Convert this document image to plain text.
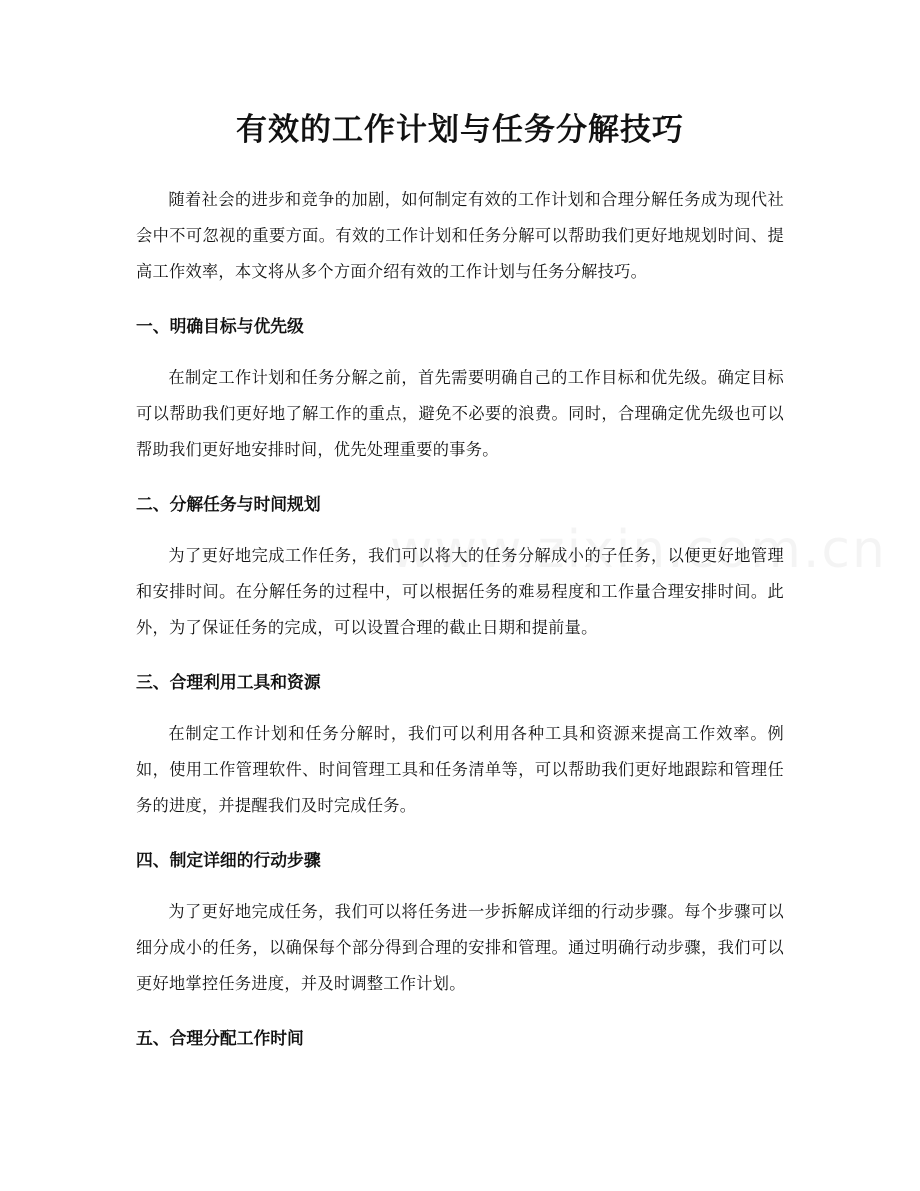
有效的工作计划与任务分解技巧

随着社会的进步和竞争的加剧，如何制定有效的工作计划和合理分解任务成为现代社会中不可忽视的重要方面。有效的工作计划和任务分解可以帮助我们更好地规划时间、提高工作效率，本文将从多个方面介绍有效的工作计划与任务分解技巧。

一、明确目标与优先级

在制定工作计划和任务分解之前，首先需要明确自己的工作目标和优先级。确定目标可以帮助我们更好地了解工作的重点，避免不必要的浪费。同时，合理确定优先级也可以帮助我们更好地安排时间，优先处理重要的事务。

二、分解任务与时间规划

为了更好地完成工作任务，我们可以将大的任务分解成小的子任务，以便更好地管理和安排时间。在分解任务的过程中，可以根据任务的难易程度和工作量合理安排时间。此外，为了保证任务的完成，可以设置合理的截止日期和提前量。

三、合理利用工具和资源

在制定工作计划和任务分解时，我们可以利用各种工具和资源来提高工作效率。例如，使用工作管理软件、时间管理工具和任务清单等，可以帮助我们更好地跟踪和管理任务的进度，并提醒我们及时完成任务。

四、制定详细的行动步骤

为了更好地完成任务，我们可以将任务进一步拆解成详细的行动步骤。每个步骤可以细分成小的任务，以确保每个部分得到合理的安排和管理。通过明确行动步骤，我们可以更好地掌控任务进度，并及时调整工作计划。

五、合理分配工作时间
